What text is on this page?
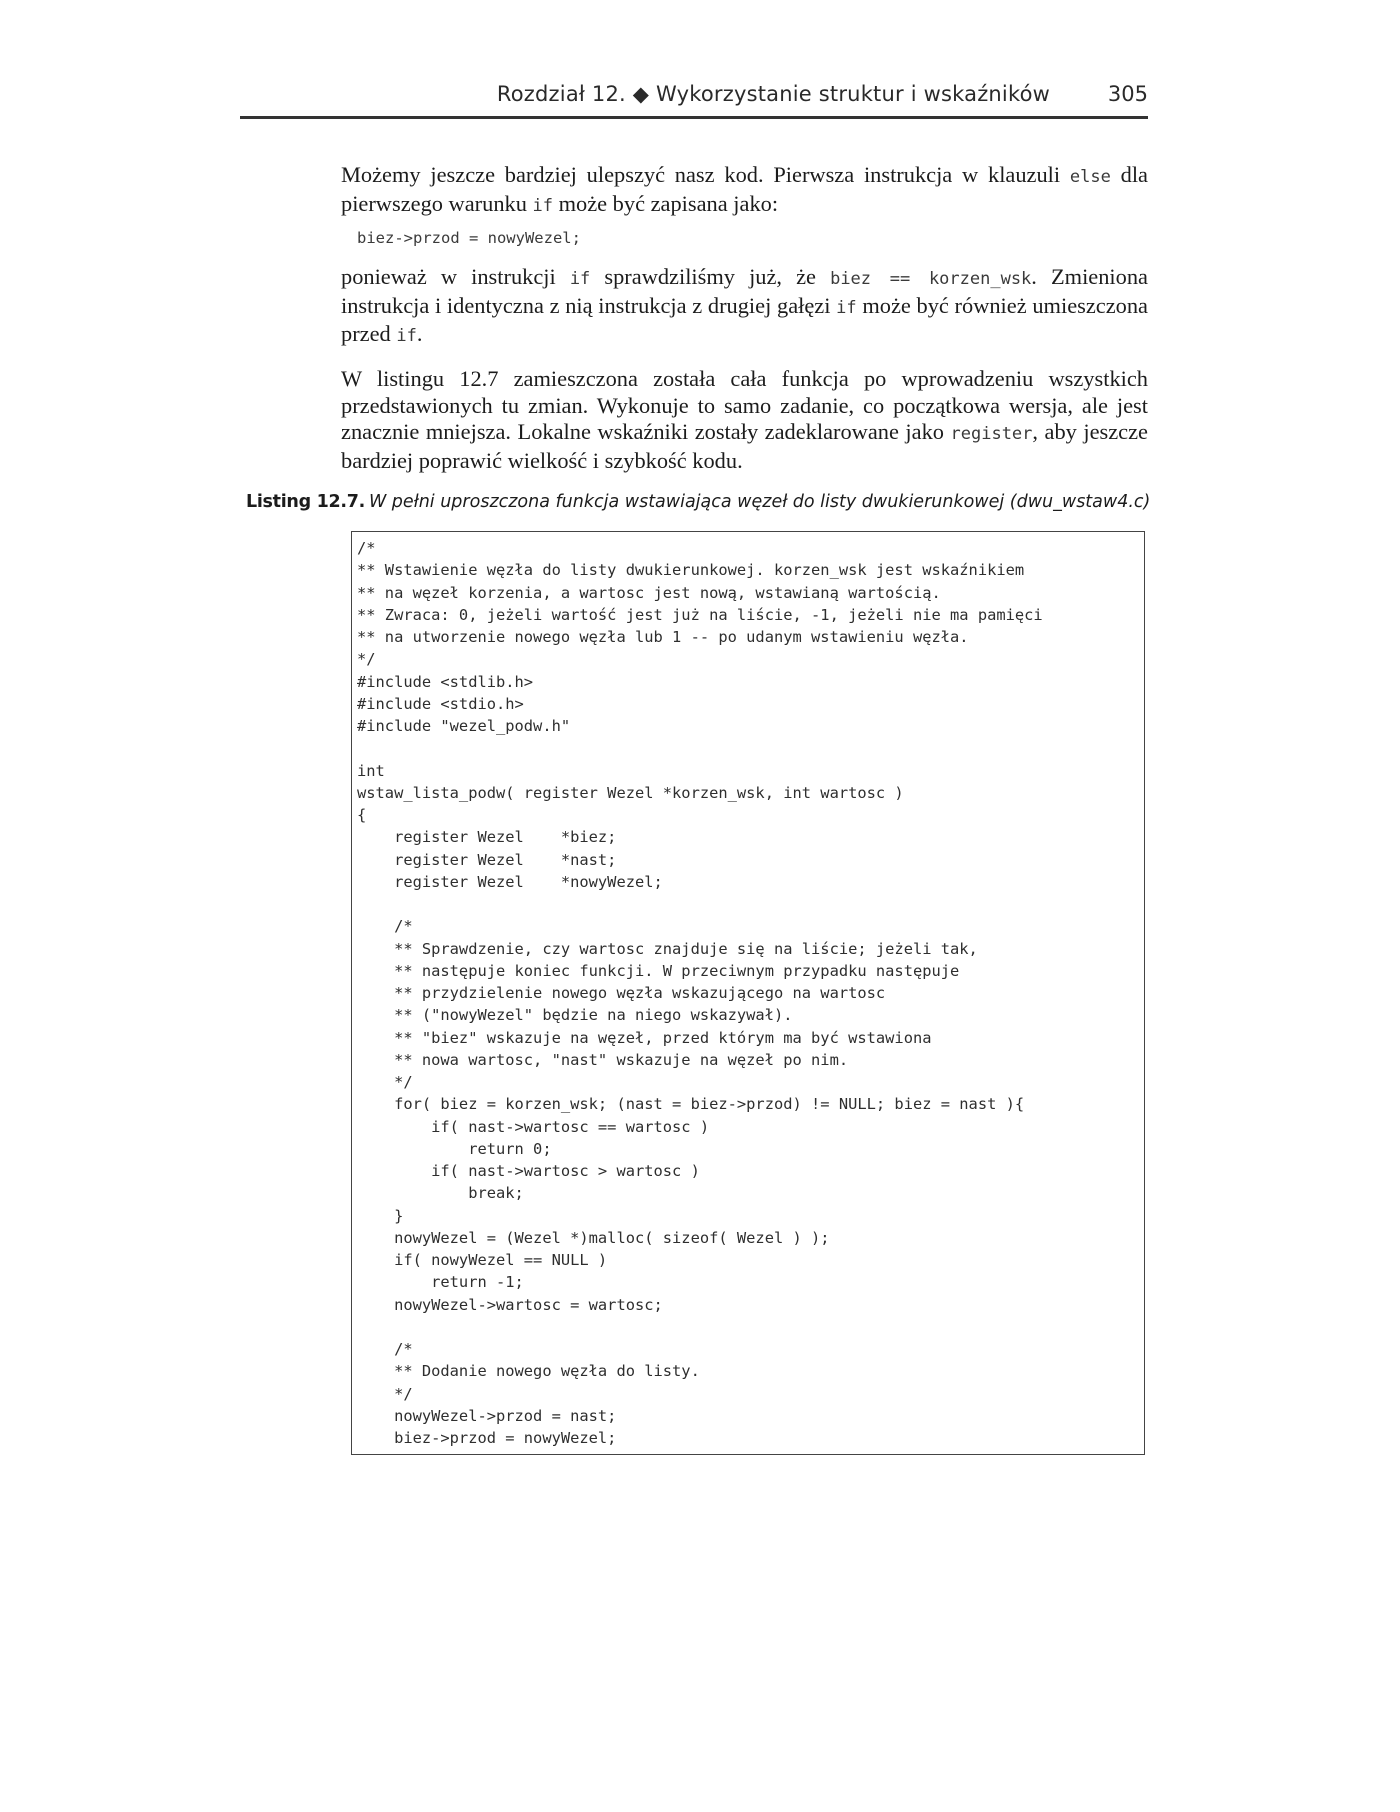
Rozdział 12. ◆ Wykorzystanie struktur i wskaźników	305
Możemy jeszcze bardziej ulepszyć nasz kod. Pierwsza instrukcja w klauzuli else dla pierwszego warunku if może być zapisana jako:
biez->przod = nowyWezel;
ponieważ w instrukcji if sprawdziliśmy już, że biez == korzen_wsk. Zmieniona instrukcja i identyczna z nią instrukcja z drugiej gałęzi if może być również umieszczona przed if.
W listingu 12.7 zamieszczona została cała funkcja po wprowadzeniu wszystkich przedstawionych tu zmian. Wykonuje to samo zadanie, co początkowa wersja, ale jest znacznie mniejsza. Lokalne wskaźniki zostały zadeklarowane jako register, aby jeszcze bardziej poprawić wielkość i szybkość kodu.
Listing 12.7. W pełni uproszczona funkcja wstawiająca węzeł do listy dwukierunkowej (dwu_wstaw4.c)
/*
** Wstawienie węzła do listy dwukierunkowej. korzen_wsk jest wskaźnikiem
** na węzeł korzenia, a wartosc jest nową, wstawianą wartością.
** Zwraca: 0, jeżeli wartość jest już na liście, -1, jeżeli nie ma pamięci
** na utworzenie nowego węzła lub 1 -- po udanym wstawieniu węzła.
*/
#include <stdlib.h>
#include <stdio.h>
#include "wezel_podw.h"

int
wstaw_lista_podw( register Wezel *korzen_wsk, int wartosc )
{
register Wezel    *biez;
register Wezel    *nast;
register Wezel    *nowyWezel;

/*
** Sprawdzenie, czy wartosc znajduje się na liście; jeżeli tak,
** następuje koniec funkcji. W przeciwnym przypadku następuje
** przydzielenie nowego węzła wskazującego na wartosc
** ("nowyWezel" będzie na niego wskazywał).
** "biez" wskazuje na węzeł, przed którym ma być wstawiona
** nowa wartosc, "nast" wskazuje na węzeł po nim.
*/
for( biez = korzen_wsk; (nast = biez->przod) != NULL; biez = nast ){
if( nast->wartosc == wartosc )
return 0;
if( nast->wartosc > wartosc )
break;
}
nowyWezel = (Wezel *)malloc( sizeof( Wezel ) );
if( nowyWezel == NULL )
return -1;
nowyWezel->wartosc = wartosc;

/*
** Dodanie nowego węzła do listy.
*/
nowyWezel->przod = nast;
biez->przod = nowyWezel;
